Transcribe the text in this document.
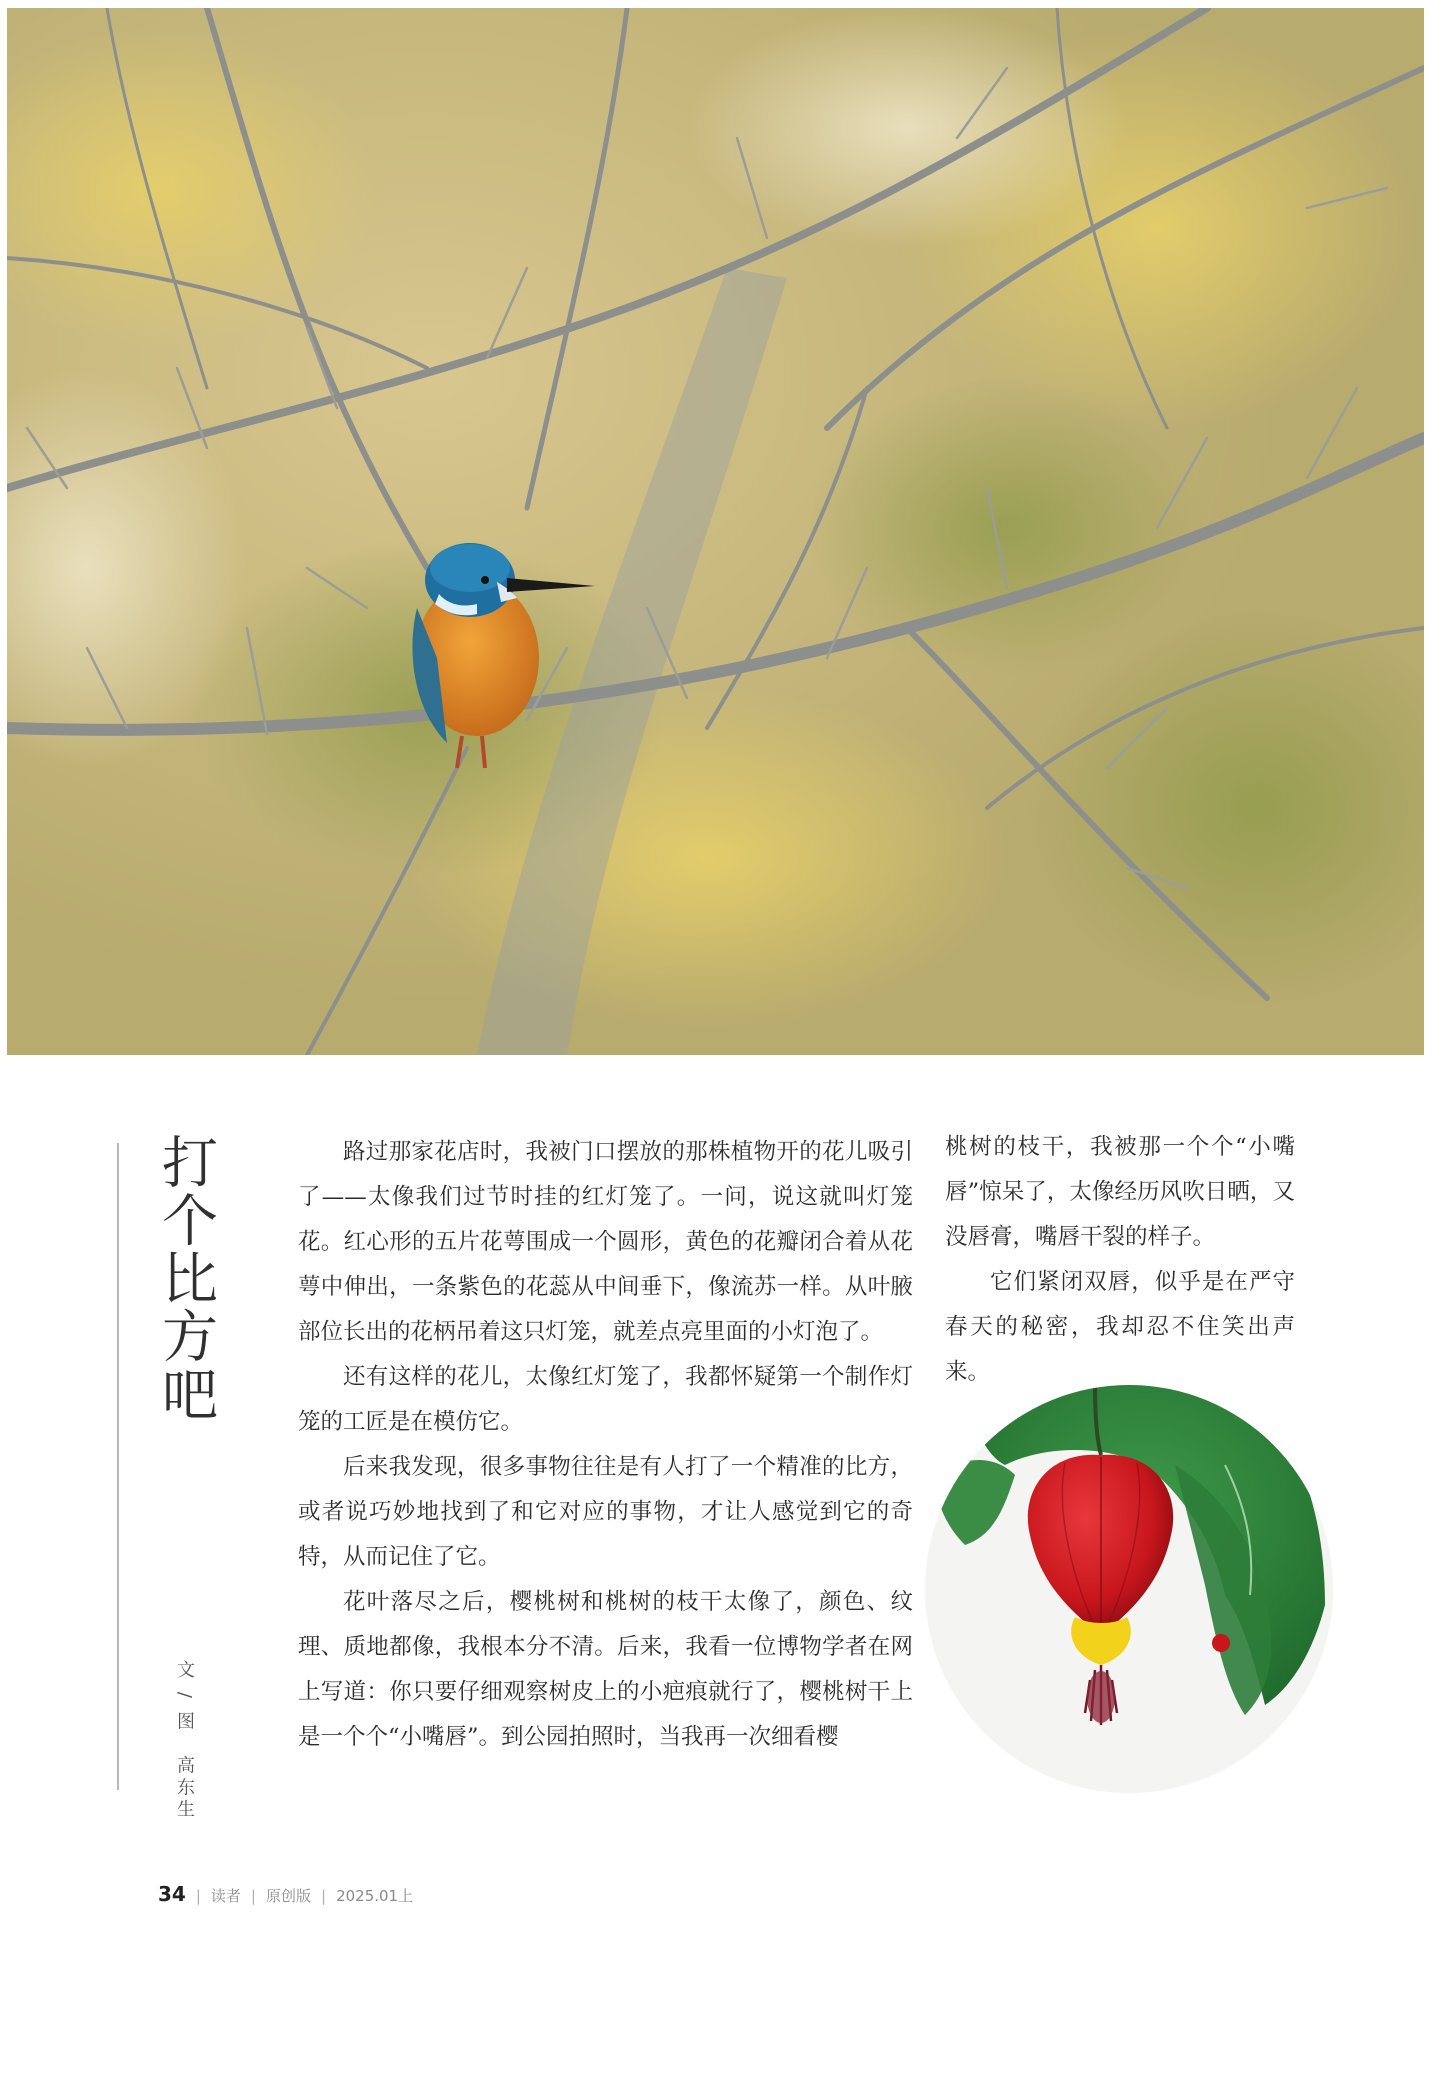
打个比方吧
文 / 图　高东生

路过那家花店时，我被门口摆放的那株植物开的花儿吸引了——太像我们过节时挂的红灯笼了。一问，说这就叫灯笼花。红心形的五片花萼围成一个圆形，黄色的花瓣闭合着从花萼中伸出，一条紫色的花蕊从中间垂下，像流苏一样。从叶腋部位长出的花柄吊着这只灯笼，就差点亮里面的小灯泡了。

还有这样的花儿，太像红灯笼了，我都怀疑第一个制作灯笼的工匠是在模仿它。

后来我发现，很多事物往往是有人打了一个精准的比方，或者说巧妙地找到了和它对应的事物，才让人感觉到它的奇特，从而记住了它。

花叶落尽之后，樱桃树和桃树的枝干太像了，颜色、纹理、质地都像，我根本分不清。后来，我看一位博物学者在网上写道：你只要仔细观察树皮上的小疤痕就行了，樱桃树干上是一个个“小嘴唇”。到公园拍照时，当我再一次细看樱

桃树的枝干，我被那一个个“小嘴唇”惊呆了，太像经历风吹日晒，又没唇膏，嘴唇干裂的样子。

它们紧闭双唇，似乎是在严守春天的秘密，我却忍不住笑出声来。

34 | 读者 | 原创版 | 2025.01上
